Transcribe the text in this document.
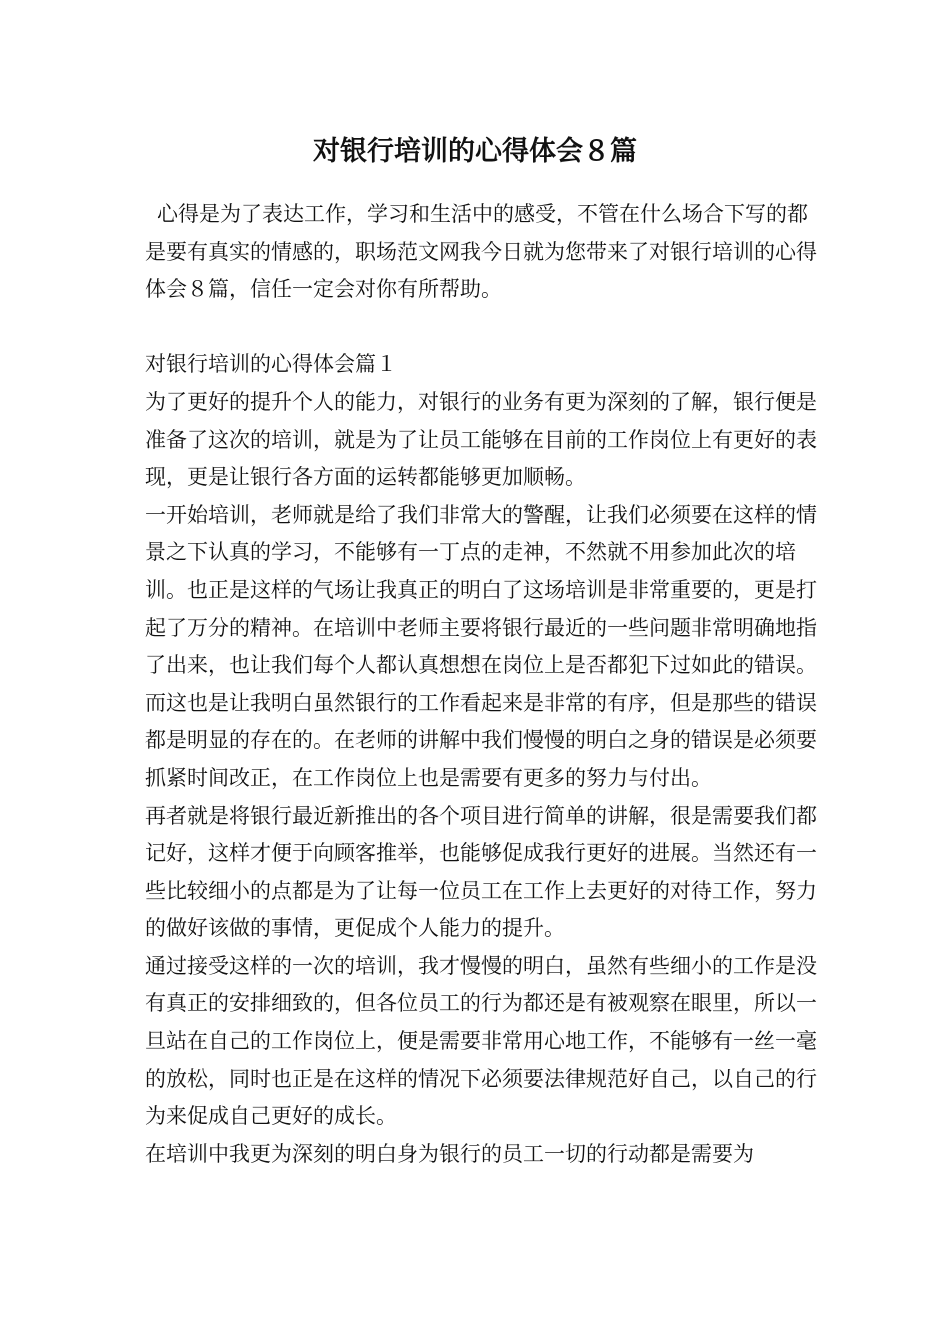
对银行培训的心得体会８篇

心得是为了表达工作，学习和生活中的感受，不管在什么场合下写的都是要有真实的情感的，职场范文网我今日就为您带来了对银行培训的心得体会８篇，信任一定会对你有所帮助。

对银行培训的心得体会篇１

为了更好的提升个人的能力，对银行的业务有更为深刻的了解，银行便是准备了这次的培训，就是为了让员工能够在目前的工作岗位上有更好的表现，更是让银行各方面的运转都能够更加顺畅。

一开始培训，老师就是给了我们非常大的警醒，让我们必须要在这样的情景之下认真的学习，不能够有一丁点的走神，不然就不用参加此次的培训。也正是这样的气场让我真正的明白了这场培训是非常重要的，更是打起了万分的精神。在培训中老师主要将银行最近的一些问题非常明确地指了出来，也让我们每个人都认真想想在岗位上是否都犯下过如此的错误。而这也是让我明白虽然银行的工作看起来是非常的有序，但是那些的错误都是明显的存在的。在老师的讲解中我们慢慢的明白之身的错误是必须要抓紧时间改正，在工作岗位上也是需要有更多的努力与付出。

再者就是将银行最近新推出的各个项目进行简单的讲解，很是需要我们都记好，这样才便于向顾客推举，也能够促成我行更好的进展。当然还有一些比较细小的点都是为了让每一位员工在工作上去更好的对待工作，努力的做好该做的事情，更促成个人能力的提升。

通过接受这样的一次的培训，我才慢慢的明白，虽然有些细小的工作是没有真正的安排细致的，但各位员工的行为都还是有被观察在眼里，所以一旦站在自己的工作岗位上，便是需要非常用心地工作，不能够有一丝一毫的放松，同时也正是在这样的情况下必须要法律规范好自己，以自己的行为来促成自己更好的成长。

在培训中我更为深刻的明白身为银行的员工一切的行动都是需要为
